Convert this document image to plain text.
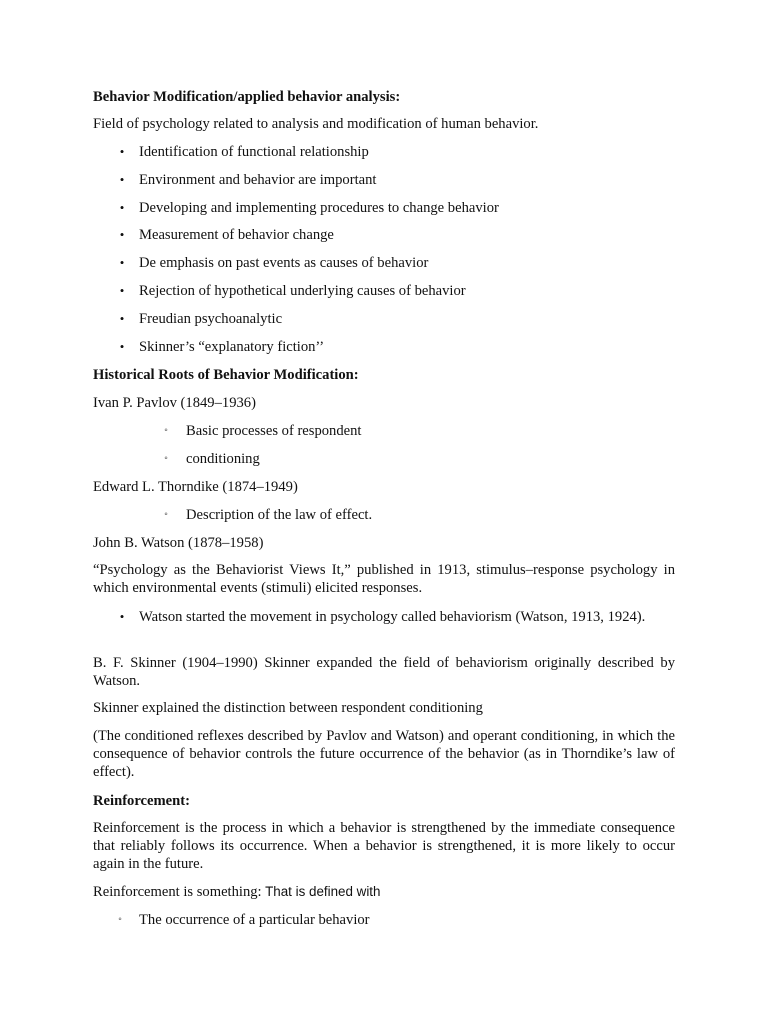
Behavior Modification/applied behavior analysis:
Field of psychology related to analysis and modification of human behavior.
• Identification of functional relationship
• Environment and behavior are important
• Developing and implementing procedures to change behavior
• Measurement of behavior change
• De emphasis on past events as causes of behavior
• Rejection of hypothetical underlying causes of behavior
• Freudian psychoanalytic
• Skinner’s “explanatory fiction’’
Historical Roots of Behavior Modification:
Ivan P. Pavlov (1849–1936)
◦ Basic processes of respondent
◦ conditioning
Edward L. Thorndike (1874–1949)
◦ Description of the law of effect.
John B. Watson (1878–1958)
“Psychology as the Behaviorist Views It,” published in 1913, stimulus–response psychology in which environmental events (stimuli) elicited responses.
• Watson started the movement in psychology called behaviorism (Watson, 1913, 1924).
B. F. Skinner (1904–1990) Skinner expanded the field of behaviorism originally described by Watson.
Skinner explained the distinction between respondent conditioning
(The conditioned reflexes described by Pavlov and Watson) and operant conditioning, in which the consequence of behavior controls the future occurrence of the behavior (as in Thorndike’s law of effect).
Reinforcement:
Reinforcement is the process in which a behavior is strengthened by the immediate consequence that reliably follows its occurrence. When a behavior is strengthened, it is more likely to occur again in the future.
Reinforcement is something: That is defined with
◦ The occurrence of a particular behavior
